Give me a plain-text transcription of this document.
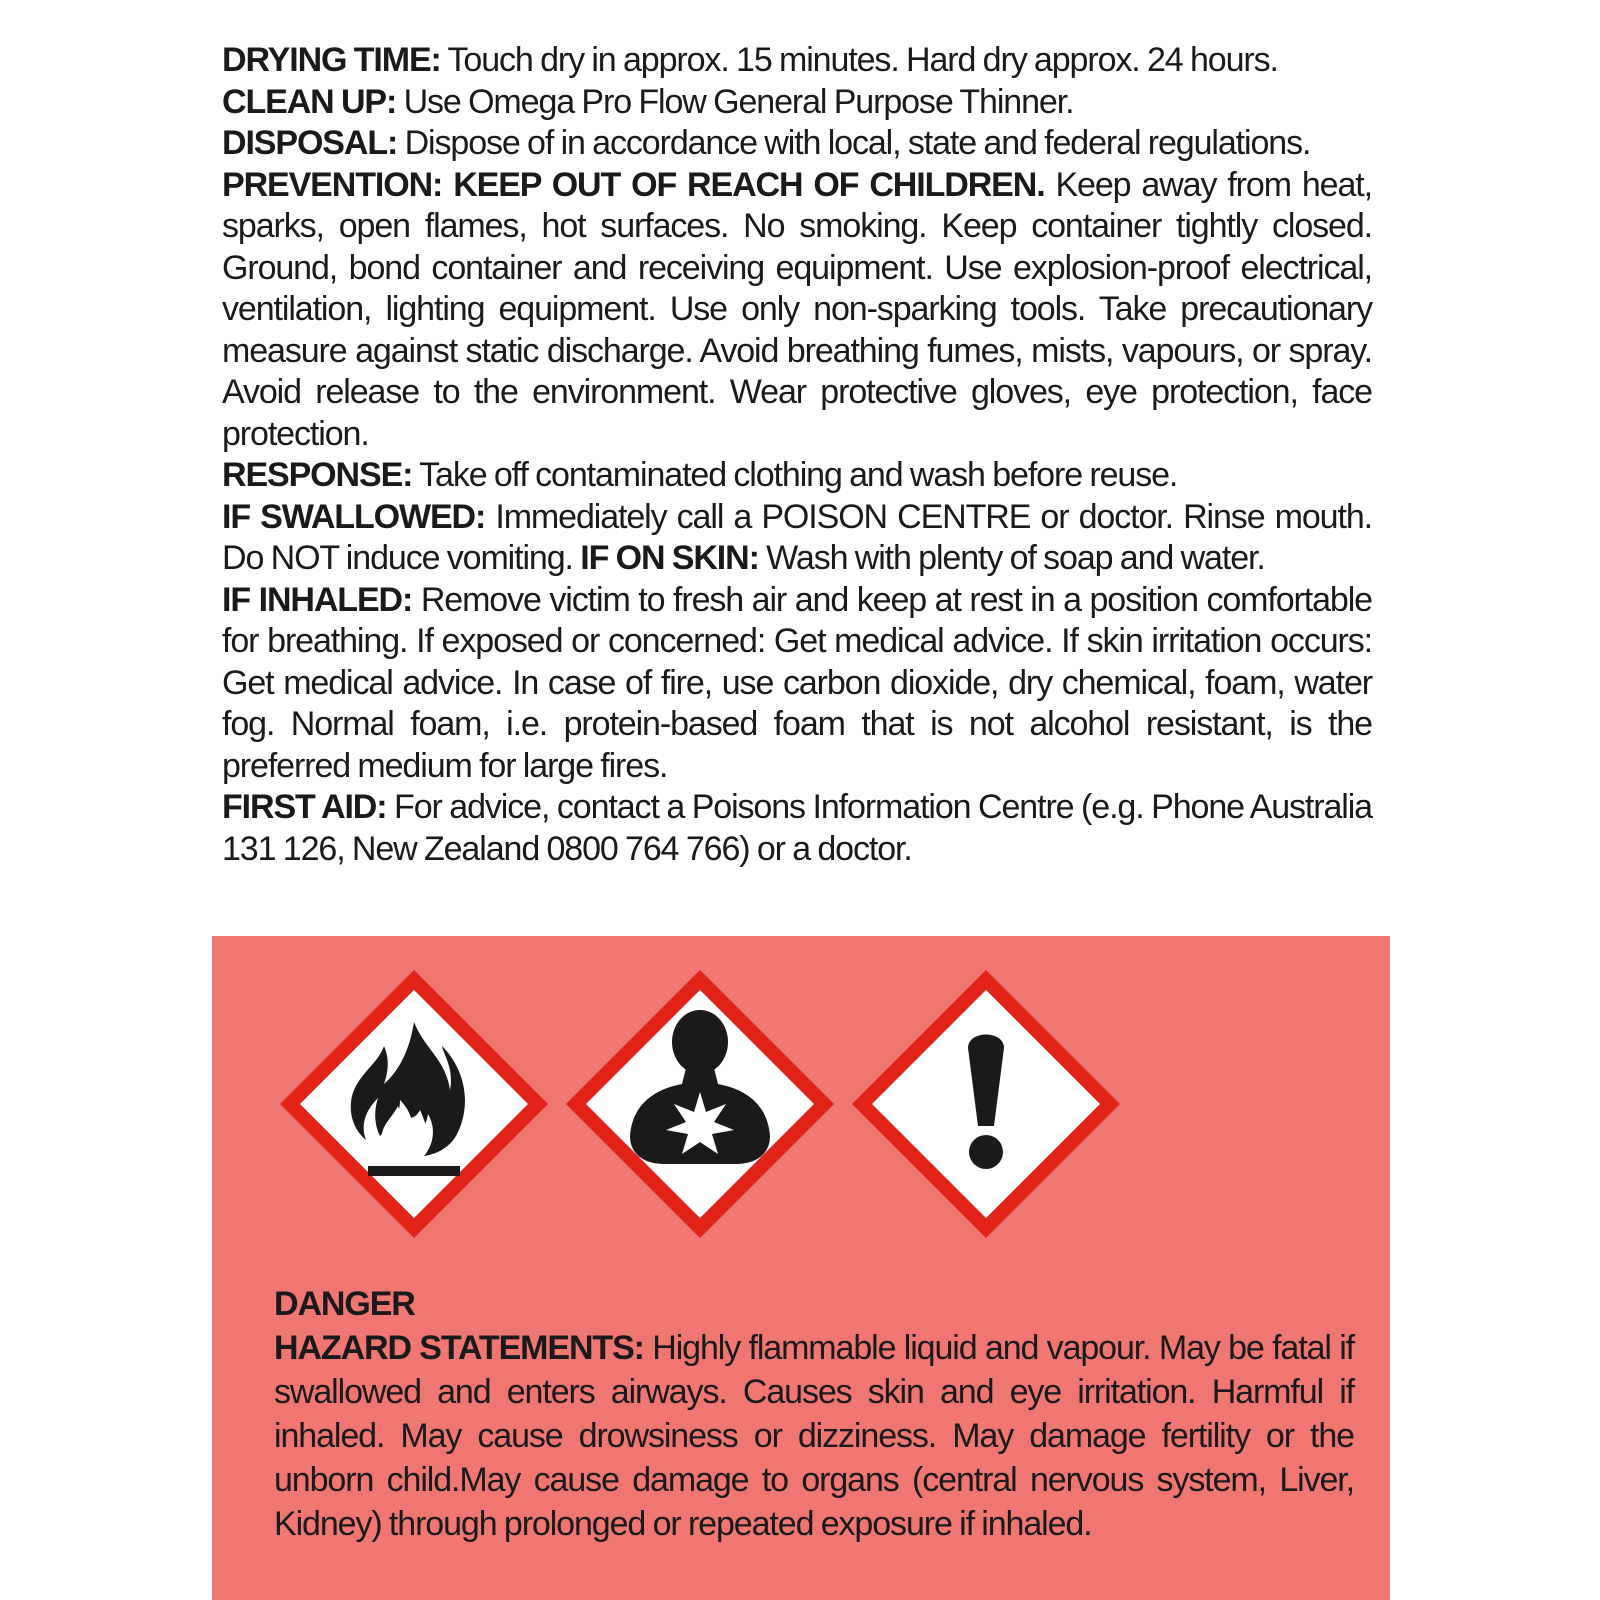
DRYING TIME: Touch dry in approx. 15 minutes. Hard dry approx. 24 hours.

CLEAN UP: Use Omega Pro Flow General Purpose Thinner.

DISPOSAL: Dispose of in accordance with local, state and federal regulations.

PREVENTION: KEEP OUT OF REACH OF CHILDREN. Keep away from heat, sparks, open flames, hot surfaces. No smoking. Keep container tightly closed. Ground, bond container and receiving equipment. Use explosion-proof electrical, ventilation, lighting equipment. Use only non-sparking tools. Take precautionary measure against static discharge. Avoid breathing fumes, mists, vapours, or spray. Avoid release to the environment. Wear protective gloves, eye protection, face protection.

RESPONSE: Take off contaminated clothing and wash before reuse.

IF SWALLOWED: Immediately call a POISON CENTRE or doctor. Rinse mouth. Do NOT induce vomiting. IF ON SKIN: Wash with plenty of soap and water.

IF INHALED: Remove victim to fresh air and keep at rest in a position comfortable for breathing. If exposed or concerned: Get medical advice. If skin irritation occurs: Get medical advice. In case of fire, use carbon dioxide, dry chemical, foam, water fog. Normal foam, i.e. protein-based foam that is not alcohol resistant, is the preferred medium for large fires.

FIRST AID: For advice, contact a Poisons Information Centre (e.g. Phone Australia 131 126, New Zealand 0800 764 766) or a doctor.

DANGER

HAZARD STATEMENTS: Highly flammable liquid and vapour. May be fatal if swallowed and enters airways. Causes skin and eye irritation. Harmful if inhaled. May cause drowsiness or dizziness. May damage fertility or the unborn child.May cause damage to organs (central nervous system, Liver, Kidney) through prolonged or repeated exposure if inhaled.
